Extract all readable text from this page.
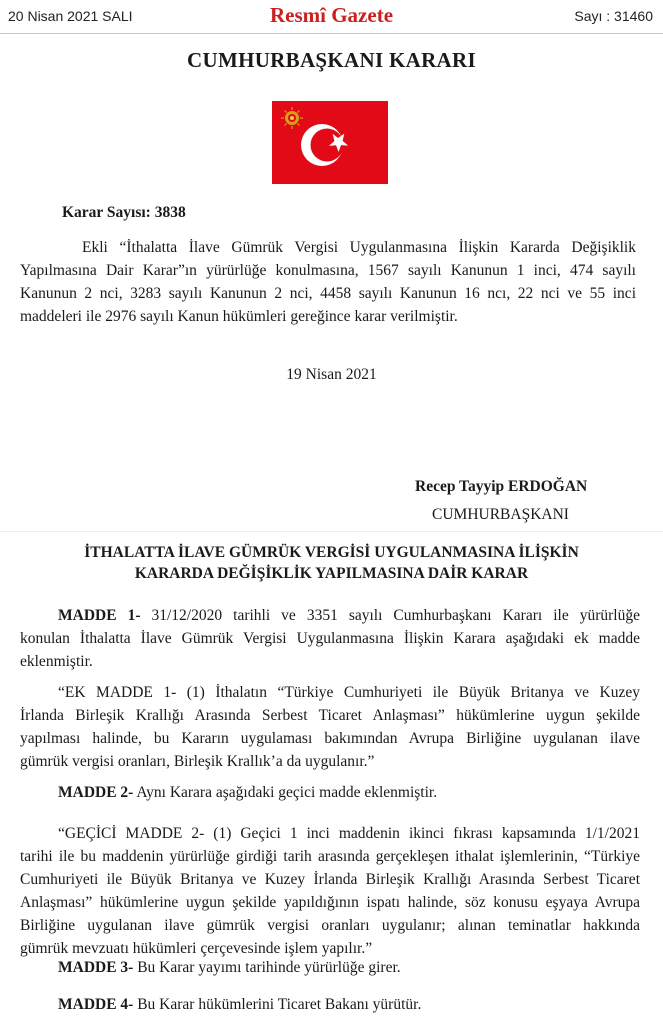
20 Nisan 2021 SALI	Resmî Gazete	Sayı : 31460
CUMHURBAŞKANI KARARI
Karar Sayısı: 3838
Ekli “İthalatta İlave Gümrük Vergisi Uygulanmasına İlişkin Kararda Değişiklik
Yapılmasına Dair Karar”ın yürürlüğe konulmasına, 1567 sayılı Kanunun 1 inci, 474 sayılı
Kanunun 2 nci, 3283 sayılı Kanunun 2 nci, 4458 sayılı Kanunun 16 ncı, 22 nci ve 55 inci
maddeleri ile 2976 sayılı Kanun hükümleri gereğince karar verilmiştir.
19 Nisan 2021
Recep Tayyip ERDOĞAN
CUMHURBAŞKANI
İTHALATTA İLAVE GÜMRÜK VERGİSİ UYGULANMASINA İLİŞKİN
KARARDA DEĞİŞİKLİK YAPILMASINA DAİR KARAR
MADDE 1- 31/12/2020 tarihli ve 3351 sayılı Cumhurbaşkanı Kararı ile yürürlüğe
konulan İthalatta İlave Gümrük Vergisi Uygulanmasına İlişkin Karara aşağıdaki ek madde
eklenmiştir.
“EK MADDE 1- (1) İthalatın “Türkiye Cumhuriyeti ile Büyük Britanya ve Kuzey
İrlanda Birleşik Krallığı Arasında Serbest Ticaret Anlaşması” hükümlerine uygun şekilde
yapılması halinde, bu Kararın uygulaması bakımından Avrupa Birliğine uygulanan ilave
gümrük vergisi oranları, Birleşik Krallık’a da uygulanır.”
MADDE 2- Aynı Karara aşağıdaki geçici madde eklenmiştir.
“GEÇİCİ MADDE 2- (1) Geçici 1 inci maddenin ikinci fıkrası kapsamında 1/1/2021
tarihi ile bu maddenin yürürlüğe girdiği tarih arasında gerçekleşen ithalat işlemlerinin, “Türkiye
Cumhuriyeti ile Büyük Britanya ve Kuzey İrlanda Birleşik Krallığı Arasında Serbest Ticaret
Anlaşması” hükümlerine uygun şekilde yapıldığının ispatı halinde, söz konusu eşyaya Avrupa
Birliğine uygulanan ilave gümrük vergisi oranları uygulanır; alınan teminatlar hakkında
gümrük mevzuatı hükümleri çerçevesinde işlem yapılır.”
MADDE 3- Bu Karar yayımı tarihinde yürürlüğe girer.
MADDE 4- Bu Karar hükümlerini Ticaret Bakanı yürütür.
